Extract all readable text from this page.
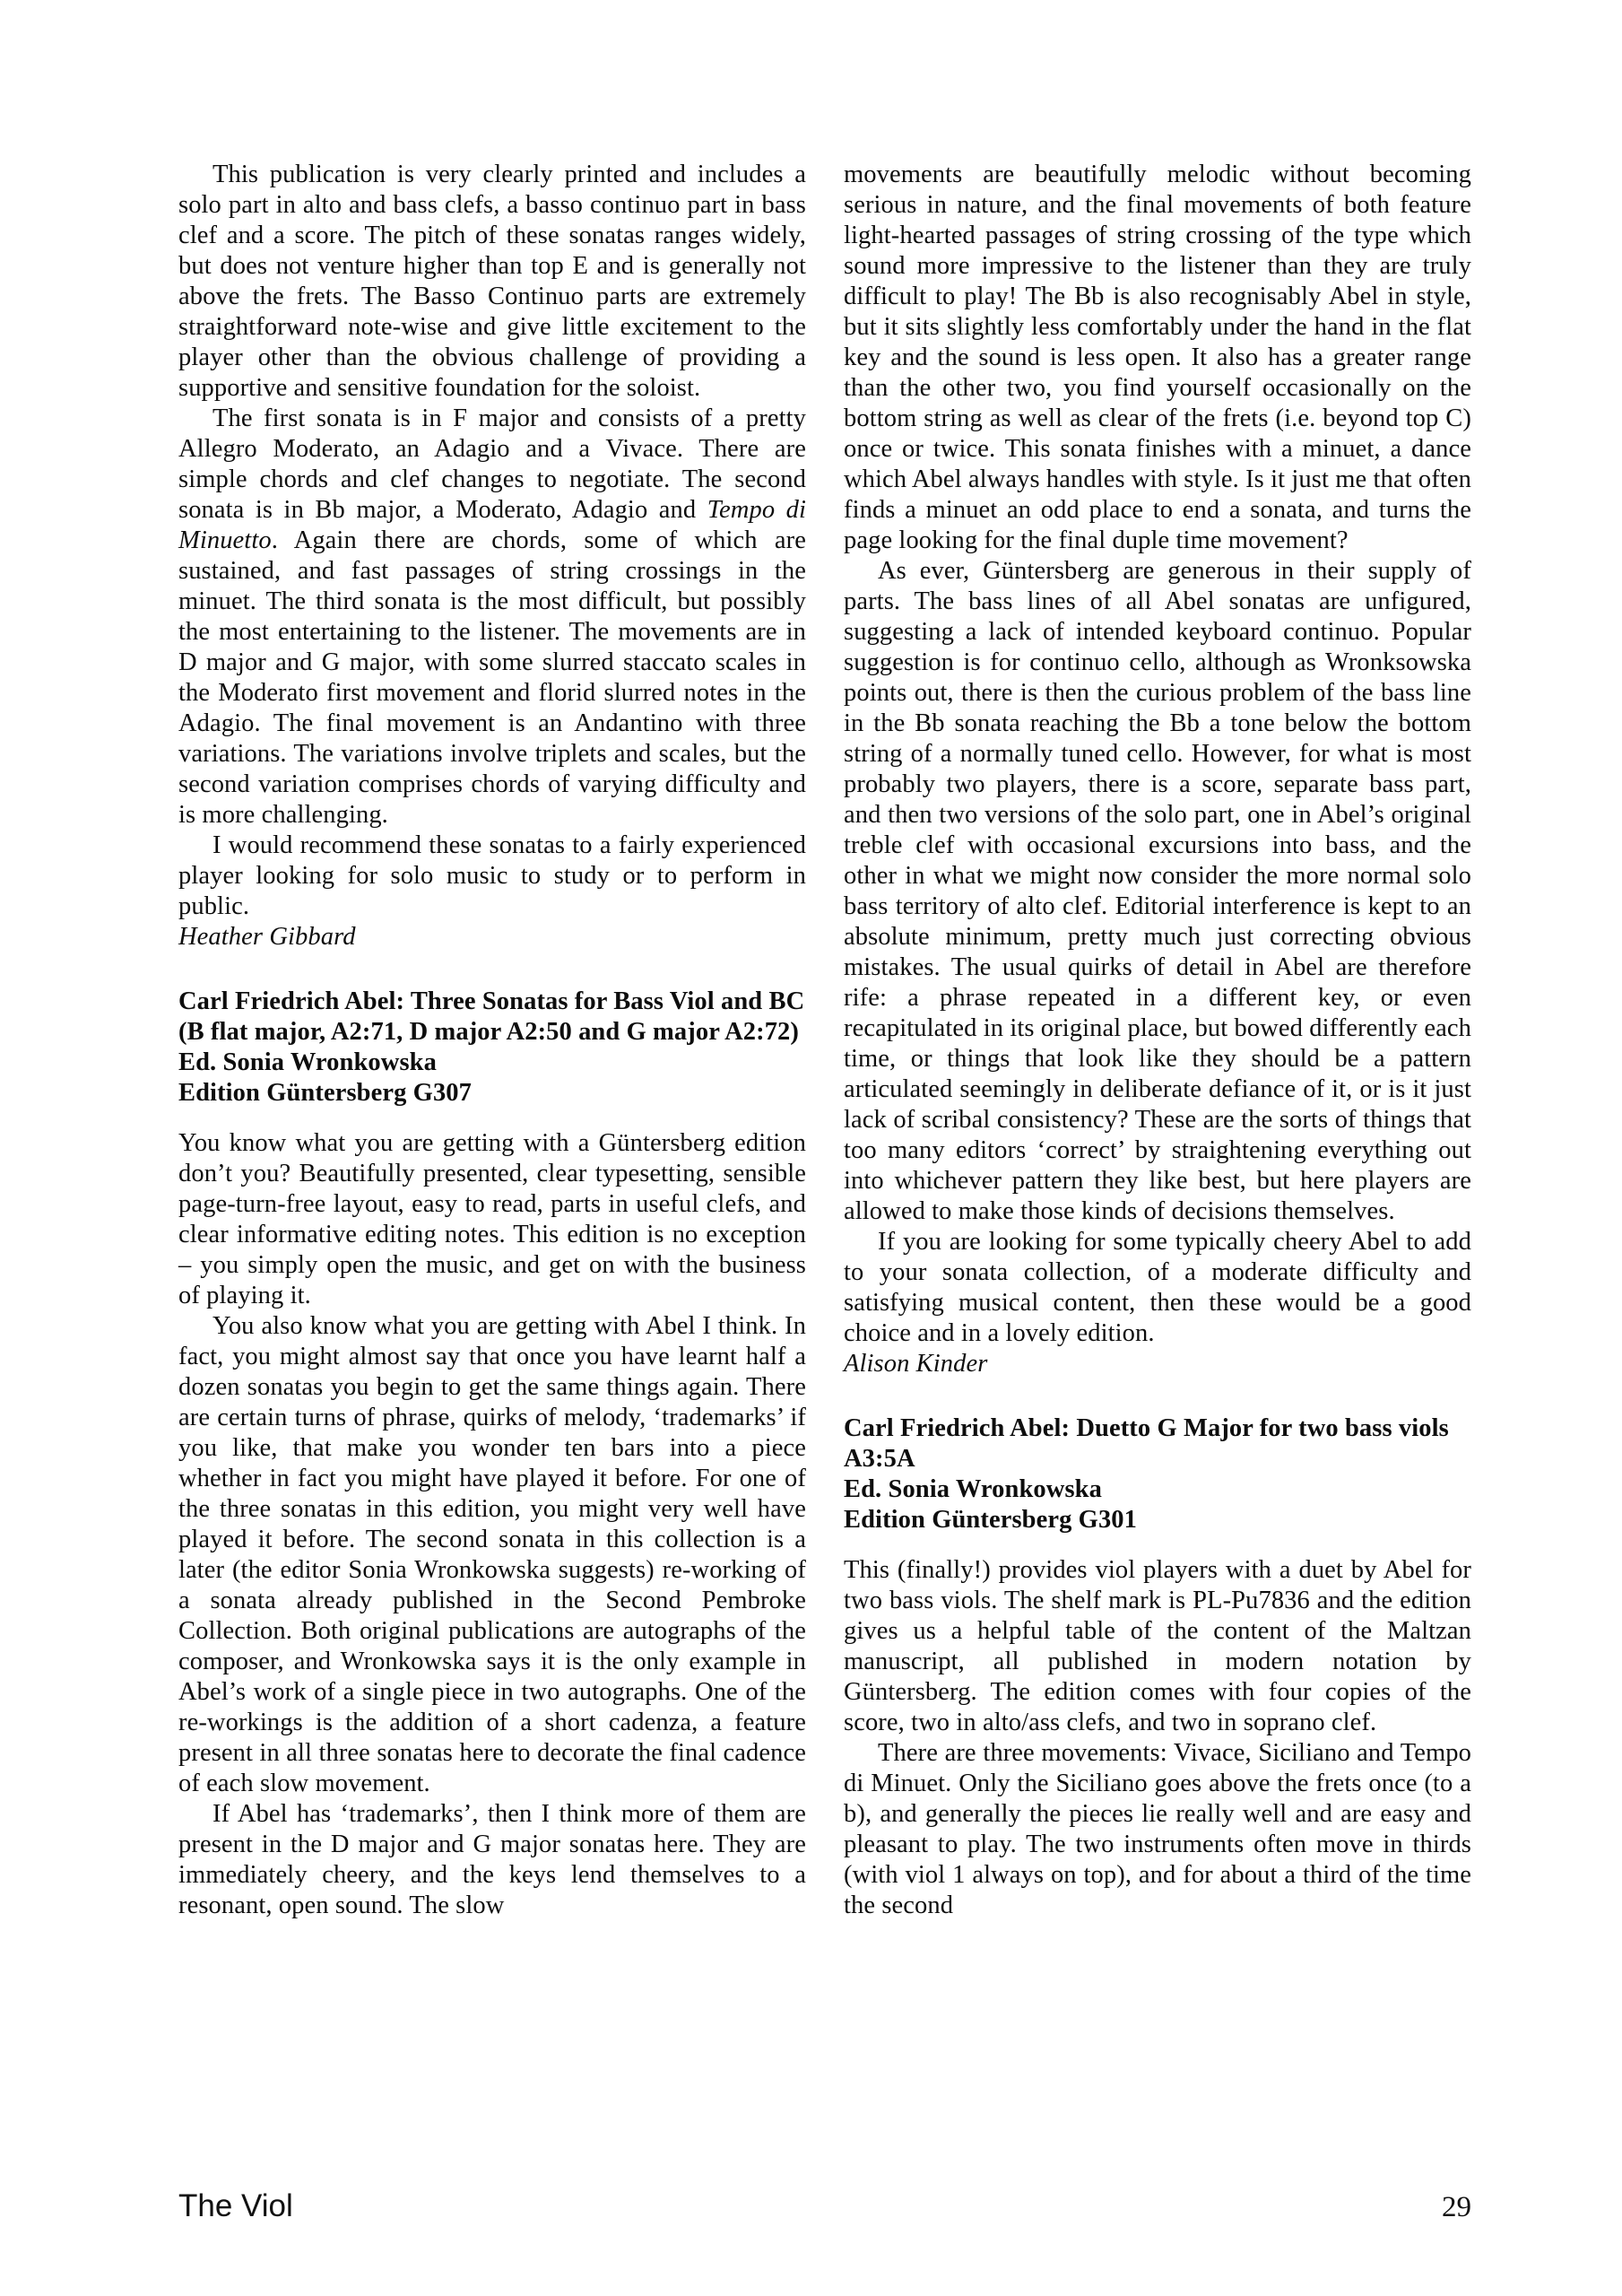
This publication is very clearly printed and includes a solo part in alto and bass clefs, a basso continuo part in bass clef and a score. The pitch of these sonatas ranges widely, but does not venture higher than top E and is generally not above the frets. The Basso Continuo parts are extremely straightforward note-wise and give little excitement to the player other than the obvious challenge of providing a supportive and sensitive foundation for the soloist.

The first sonata is in F major and consists of a pretty Allegro Moderato, an Adagio and a Vivace. There are simple chords and clef changes to negotiate. The second sonata is in Bb major, a Moderato, Adagio and Tempo di Minuetto. Again there are chords, some of which are sustained, and fast passages of string crossings in the minuet. The third sonata is the most difficult, but possibly the most entertaining to the listener. The movements are in D major and G major, with some slurred staccato scales in the Moderato first movement and florid slurred notes in the Adagio. The final movement is an Andantino with three variations. The variations involve triplets and scales, but the second variation comprises chords of varying difficulty and is more challenging.

I would recommend these sonatas to a fairly experienced player looking for solo music to study or to perform in public.

Heather Gibbard

Carl Friedrich Abel: Three Sonatas for Bass Viol and BC (B flat major, A2:71, D major A2:50 and G major A2:72)
Ed. Sonia Wronkowska
Edition Güntersberg G307

You know what you are getting with a Güntersberg edition don’t you? Beautifully presented, clear typesetting, sensible page-turn-free layout, easy to read, parts in useful clefs, and clear informative editing notes. This edition is no exception – you simply open the music, and get on with the business of playing it.

You also know what you are getting with Abel I think. In fact, you might almost say that once you have learnt half a dozen sonatas you begin to get the same things again. There are certain turns of phrase, quirks of melody, ‘trademarks’ if you like, that make you wonder ten bars into a piece whether in fact you might have played it before. For one of the three sonatas in this edition, you might very well have played it before. The second sonata in this collection is a later (the editor Sonia Wronkowska suggests) re-working of a sonata already published in the Second Pembroke Collection. Both original publications are autographs of the composer, and Wronkowska says it is the only example in Abel’s work of a single piece in two autographs. One of the re-workings is the addition of a short cadenza, a feature present in all three sonatas here to decorate the final cadence of each slow movement.

If Abel has ‘trademarks’, then I think more of them are present in the D major and G major sonatas here. They are immediately cheery, and the keys lend themselves to a resonant, open sound. The slow

movements are beautifully melodic without becoming serious in nature, and the final movements of both feature light-hearted passages of string crossing of the type which sound more impressive to the listener than they are truly difficult to play! The Bb is also recognisably Abel in style, but it sits slightly less comfortably under the hand in the flat key and the sound is less open. It also has a greater range than the other two, you find yourself occasionally on the bottom string as well as clear of the frets (i.e. beyond top C) once or twice. This sonata finishes with a minuet, a dance which Abel always handles with style. Is it just me that often finds a minuet an odd place to end a sonata, and turns the page looking for the final duple time movement?

As ever, Güntersberg are generous in their supply of parts. The bass lines of all Abel sonatas are unfigured, suggesting a lack of intended keyboard continuo. Popular suggestion is for continuo cello, although as Wronksowska points out, there is then the curious problem of the bass line in the Bb sonata reaching the Bb a tone below the bottom string of a normally tuned cello. However, for what is most probably two players, there is a score, separate bass part, and then two versions of the solo part, one in Abel’s original treble clef with occasional excursions into bass, and the other in what we might now consider the more normal solo bass territory of alto clef. Editorial interference is kept to an absolute minimum, pretty much just correcting obvious mistakes. The usual quirks of detail in Abel are therefore rife: a phrase repeated in a different key, or even recapitulated in its original place, but bowed differently each time, or things that look like they should be a pattern articulated seemingly in deliberate defiance of it, or is it just lack of scribal consistency? These are the sorts of things that too many editors ‘correct’ by straightening everything out into whichever pattern they like best, but here players are allowed to make those kinds of decisions themselves.

If you are looking for some typically cheery Abel to add to your sonata collection, of a moderate difficulty and satisfying musical content, then these would be a good choice and in a lovely edition.

Alison Kinder

Carl Friedrich Abel: Duetto G Major for two bass viols A3:5A
Ed. Sonia Wronkowska
Edition Güntersberg G301

This (finally!) provides viol players with a duet by Abel for two bass viols. The shelf mark is PL-Pu7836 and the edition gives us a helpful table of the content of the Maltzan manuscript, all published in modern notation by Güntersberg. The edition comes with four copies of the score, two in alto/ass clefs, and two in soprano clef.

There are three movements: Vivace, Siciliano and Tempo di Minuet. Only the Siciliano goes above the frets once (to a b), and generally the pieces lie really well and are easy and pleasant to play. The two instruments often move in thirds (with viol 1 always on top), and for about a third of the time the second

The Viol	29
